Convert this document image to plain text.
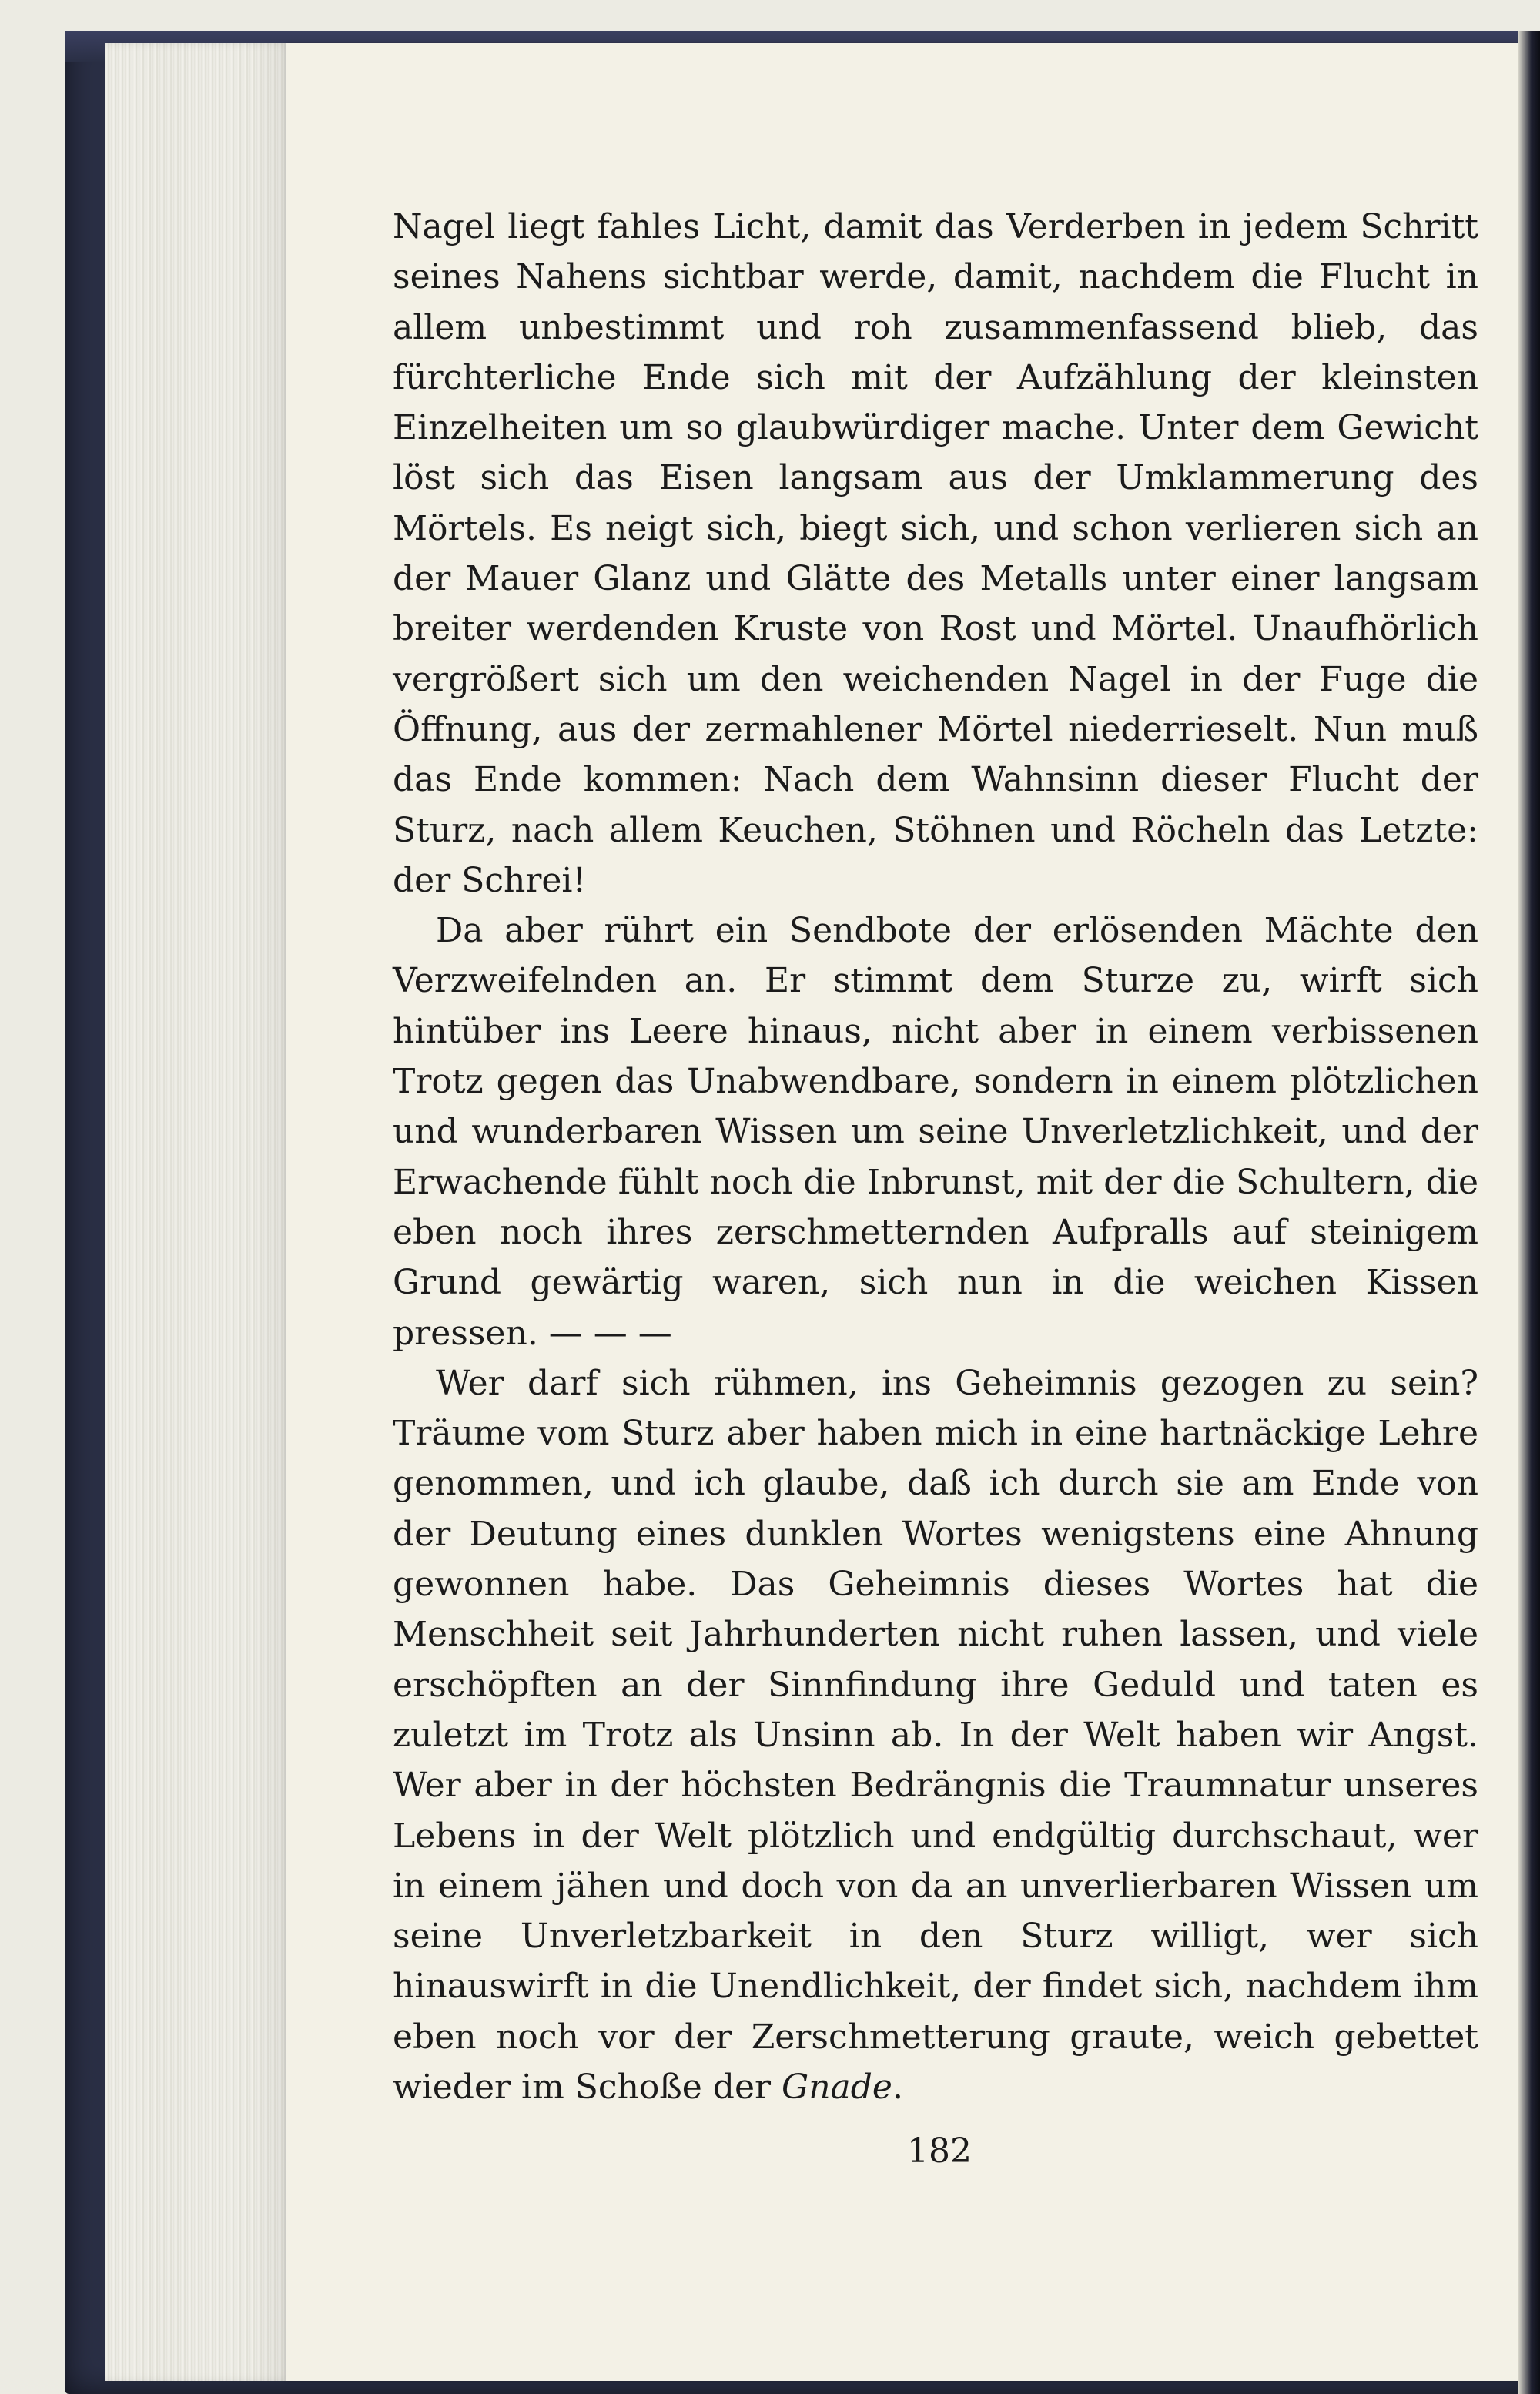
Nagel liegt fahles Licht, damit das Verderben in jedem Schritt seines Nahens sichtbar werde, damit, nachdem die Flucht in allem unbestimmt und roh zusammenfassend blieb, das fürchterliche Ende sich mit der Aufzählung der kleinsten Einzelheiten um so glaubwürdiger mache. Unter dem Gewicht löst sich das Eisen langsam aus der Umklammerung des Mörtels. Es neigt sich, biegt sich, und schon verlieren sich an der Mauer Glanz und Glätte des Metalls unter einer langsam breiter werdenden Kruste von Rost und Mörtel. Unaufhörlich vergrößert sich um den weichenden Nagel in der Fuge die Öffnung, aus der zermahlener Mörtel niederrieselt. Nun muß das Ende kommen: Nach dem Wahnsinn dieser Flucht der Sturz, nach allem Keuchen, Stöhnen und Röcheln das Letzte: der Schrei!

Da aber rührt ein Sendbote der erlösenden Mächte den Verzweifelnden an. Er stimmt dem Sturze zu, wirft sich hintüber ins Leere hinaus, nicht aber in einem verbissenen Trotz gegen das Unabwendbare, sondern in einem plötzlichen und wunderbaren Wissen um seine Unverletzlichkeit, und der Erwachende fühlt noch die Inbrunst, mit der die Schultern, die eben noch ihres zerschmetternden Aufpralls auf steinigem Grund gewärtig waren, sich nun in die weichen Kissen pressen. — — —

Wer darf sich rühmen, ins Geheimnis gezogen zu sein? Träume vom Sturz aber haben mich in eine hartnäckige Lehre genommen, und ich glaube, daß ich durch sie am Ende von der Deutung eines dunklen Wortes wenigstens eine Ahnung gewonnen habe. Das Geheimnis dieses Wortes hat die Menschheit seit Jahrhunderten nicht ruhen lassen, und viele erschöpften an der Sinnfindung ihre Geduld und taten es zuletzt im Trotz als Unsinn ab. In der Welt haben wir Angst. Wer aber in der höchsten Bedrängnis die Traumnatur unseres Lebens in der Welt plötzlich und endgültig durchschaut, wer in einem jähen und doch von da an unverlierbaren Wissen um seine Unverletzbarkeit in den Sturz willigt, wer sich hinauswirft in die Unendlichkeit, der findet sich, nachdem ihm eben noch vor der Zerschmetterung graute, weich gebettet wieder im Schoße der Gnade.

182
